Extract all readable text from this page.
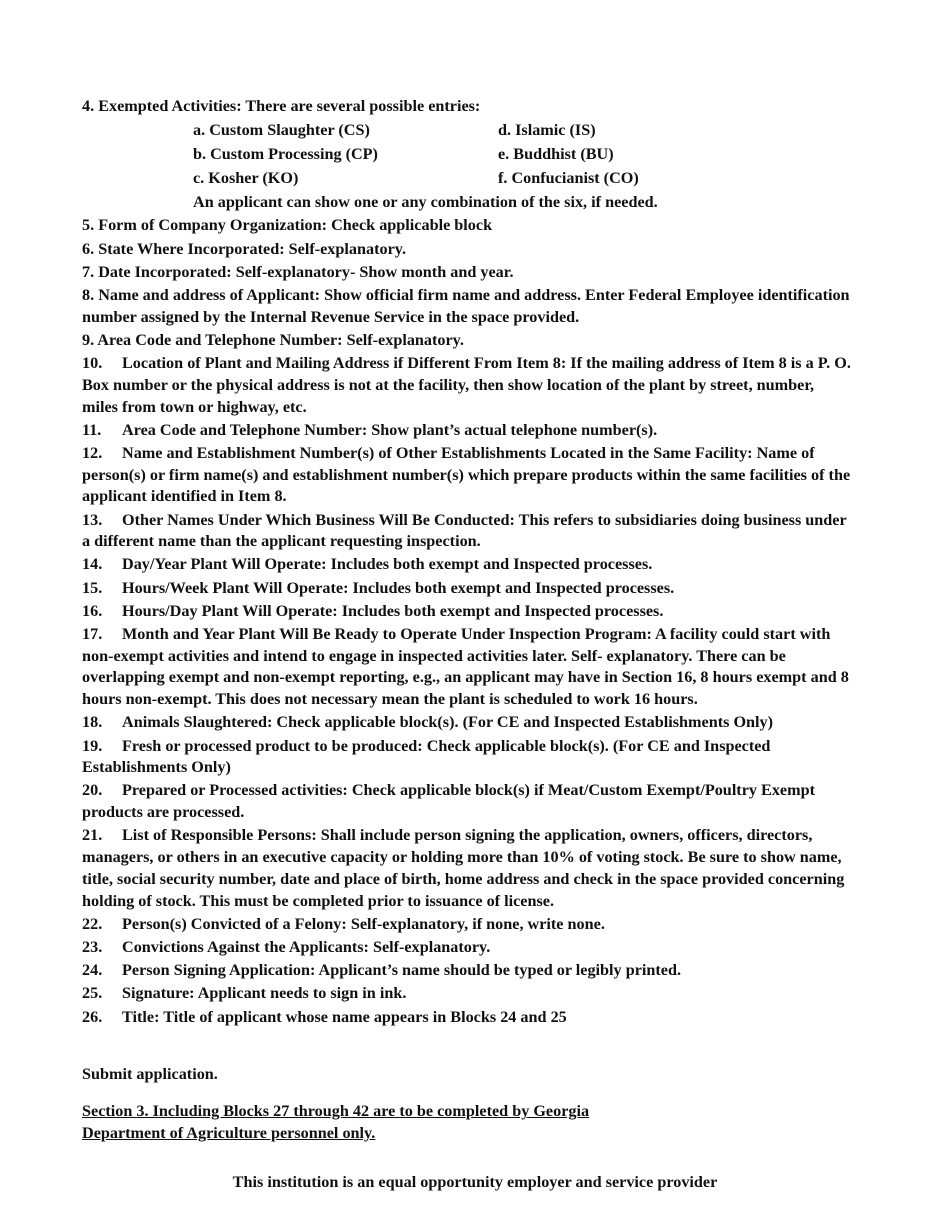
4. Exempted Activities: There are several possible entries:
a. Custom Slaughter (CS)	d. Islamic (IS)
b. Custom Processing (CP)	e. Buddhist (BU)
c. Kosher (KO)	f. Confucianist (CO)
An applicant can show one or any combination of the six, if needed.
5. Form of Company Organization: Check applicable block
6. State Where Incorporated: Self-explanatory.
7. Date Incorporated: Self-explanatory- Show month and year.
8. Name and address of Applicant: Show official firm name and address. Enter Federal Employee identification number assigned by the Internal Revenue Service in the space provided.
9. Area Code and Telephone Number: Self-explanatory.
10. Location of Plant and Mailing Address if Different From Item 8: If the mailing address of Item 8 is a P. O. Box number or the physical address is not at the facility, then show location of the plant by street, number, miles from town or highway, etc.
11. Area Code and Telephone Number: Show plant’s actual telephone number(s).
12. Name and Establishment Number(s) of Other Establishments Located in the Same Facility: Name of person(s) or firm name(s) and establishment number(s) which prepare products within the same facilities of the applicant identified in Item 8.
13. Other Names Under Which Business Will Be Conducted: This refers to subsidiaries doing business under a different name than the applicant requesting inspection.
14. Day/Year Plant Will Operate: Includes both exempt and Inspected processes.
15. Hours/Week Plant Will Operate: Includes both exempt and Inspected processes.
16. Hours/Day Plant Will Operate: Includes both exempt and Inspected processes.
17. Month and Year Plant Will Be Ready to Operate Under Inspection Program: A facility could start with non-exempt activities and intend to engage in inspected activities later. Self- explanatory. There can be overlapping exempt and non-exempt reporting, e.g., an applicant may have in Section 16, 8 hours exempt and 8 hours non-exempt. This does not necessary mean the plant is scheduled to work 16 hours.
18. Animals Slaughtered: Check applicable block(s). (For CE and Inspected Establishments Only)
19. Fresh or processed product to be produced: Check applicable block(s). (For CE and Inspected Establishments Only)
20. Prepared or Processed activities: Check applicable block(s) if Meat/Custom Exempt/Poultry Exempt products are processed.
21. List of Responsible Persons: Shall include person signing the application, owners, officers, directors, managers, or others in an executive capacity or holding more than 10% of voting stock. Be sure to show name, title, social security number, date and place of birth, home address and check in the space provided concerning holding of stock. This must be completed prior to issuance of license.
22. Person(s) Convicted of a Felony: Self-explanatory, if none, write none.
23. Convictions Against the Applicants: Self-explanatory.
24. Person Signing Application: Applicant’s name should be typed or legibly printed.
25. Signature: Applicant needs to sign in ink.
26. Title: Title of applicant whose name appears in Blocks 24 and 25
Submit application.
Section 3. Including Blocks 27 through 42 are to be completed by Georgia
Department of Agriculture personnel only.
This institution is an equal opportunity employer and service provider
